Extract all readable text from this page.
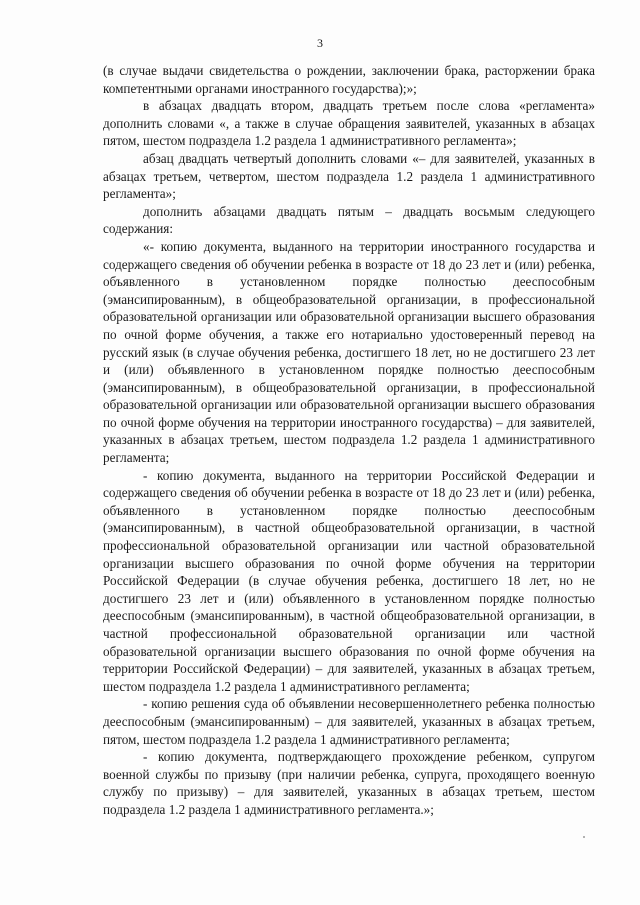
3

(в случае выдачи свидетельства о рождении, заключении брака, расторжении брака компетентными органами иностранного государства);»;

в абзацах двадцать втором, двадцать третьем после слова «регламента» дополнить словами «, а также в случае обращения заявителей, указанных в абзацах пятом, шестом подраздела 1.2 раздела 1 административного регламента»;

абзац двадцать четвертый дополнить словами «– для заявителей, указанных в абзацах третьем, четвертом, шестом подраздела 1.2 раздела 1 административного регламента»;

дополнить абзацами двадцать пятым – двадцать восьмым следующего содержания:

«- копию документа, выданного на территории иностранного государства и содержащего сведения об обучении ребенка в возрасте от 18 до 23 лет и (или) ребенка, объявленного в установленном порядке полностью дееспособным (эмансипированным), в общеобразовательной организации, в профессиональной образовательной организации или образовательной организации высшего образования по очной форме обучения, а также его нотариально удостоверенный перевод на русский язык (в случае обучения ребенка, достигшего 18 лет, но не достигшего 23 лет и (или) объявленного в установленном порядке полностью дееспособным (эмансипированным), в общеобразовательной организации, в профессиональной образовательной организации или образовательной организации высшего образования по очной форме обучения на территории иностранного государства) – для заявителей, указанных в абзацах третьем, шестом подраздела 1.2 раздела 1 административного регламента;

- копию документа, выданного на территории Российской Федерации и содержащего сведения об обучении ребенка в возрасте от 18 до 23 лет и (или) ребенка, объявленного в установленном порядке полностью дееспособным (эмансипированным), в частной общеобразовательной организации, в частной профессиональной образовательной организации или частной образовательной организации высшего образования по очной форме обучения на территории Российской Федерации (в случае обучения ребенка, достигшего 18 лет, но не достигшего 23 лет и (или) объявленного в установленном порядке полностью дееспособным (эмансипированным), в частной общеобразовательной организации, в частной профессиональной образовательной организации или частной образовательной организации высшего образования по очной форме обучения на территории Российской Федерации) – для заявителей, указанных в абзацах третьем, шестом подраздела 1.2 раздела 1 административного регламента;

- копию решения суда об объявлении несовершеннолетнего ребенка полностью дееспособным (эмансипированным) – для заявителей, указанных в абзацах третьем, пятом, шестом подраздела 1.2 раздела 1 административного регламента;

- копию документа, подтверждающего прохождение ребенком, супругом военной службы по призыву (при наличии ребенка, супруга, проходящего военную службу по призыву) – для заявителей, указанных в абзацах третьем, шестом подраздела 1.2 раздела 1 административного регламента.»;
